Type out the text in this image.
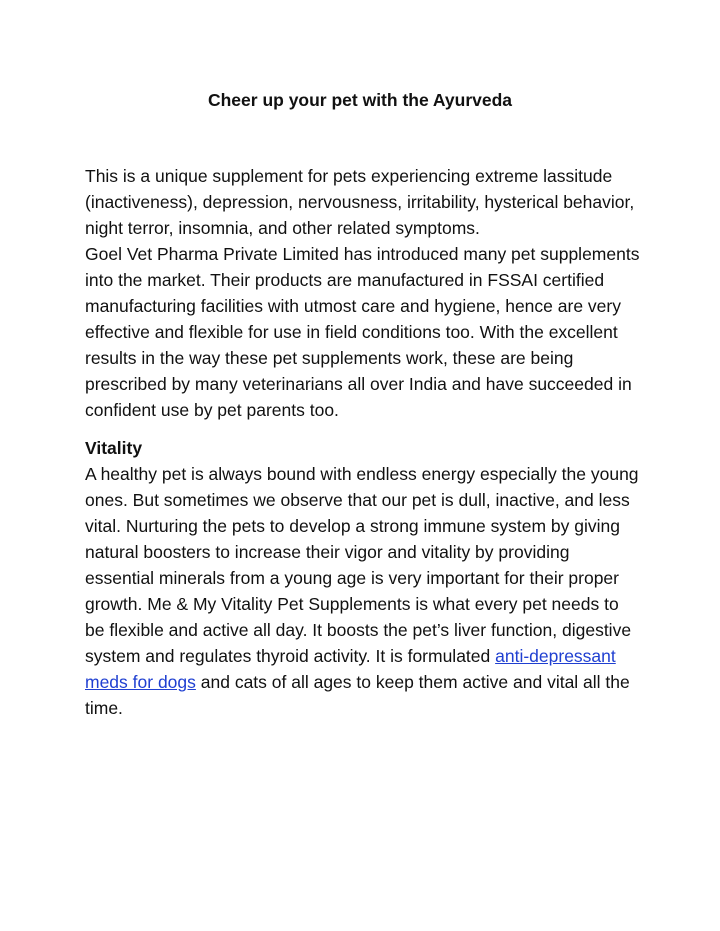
Cheer up your pet with the Ayurveda

This is a unique supplement for pets experiencing extreme lassitude (inactiveness), depression, nervousness, irritability, hysterical behavior, night terror, insomnia, and other related symptoms.

Goel Vet Pharma Private Limited has introduced many pet supplements into the market. Their products are manufactured in FSSAI certified manufacturing facilities with utmost care and hygiene, hence are very effective and flexible for use in field conditions too. With the excellent results in the way these pet supplements work, these are being prescribed by many veterinarians all over India and have succeeded in confident use by pet parents too.

Vitality

A healthy pet is always bound with endless energy especially the young ones. But sometimes we observe that our pet is dull, inactive, and less vital. Nurturing the pets to develop a strong immune system by giving natural boosters to increase their vigor and vitality by providing essential minerals from a young age is very important for their proper growth. Me & My Vitality Pet Supplements is what every pet needs to be flexible and active all day. It boosts the pet’s liver function, digestive system and regulates thyroid activity. It is formulated anti-depressant meds for dogs and cats of all ages to keep them active and vital all the time.
